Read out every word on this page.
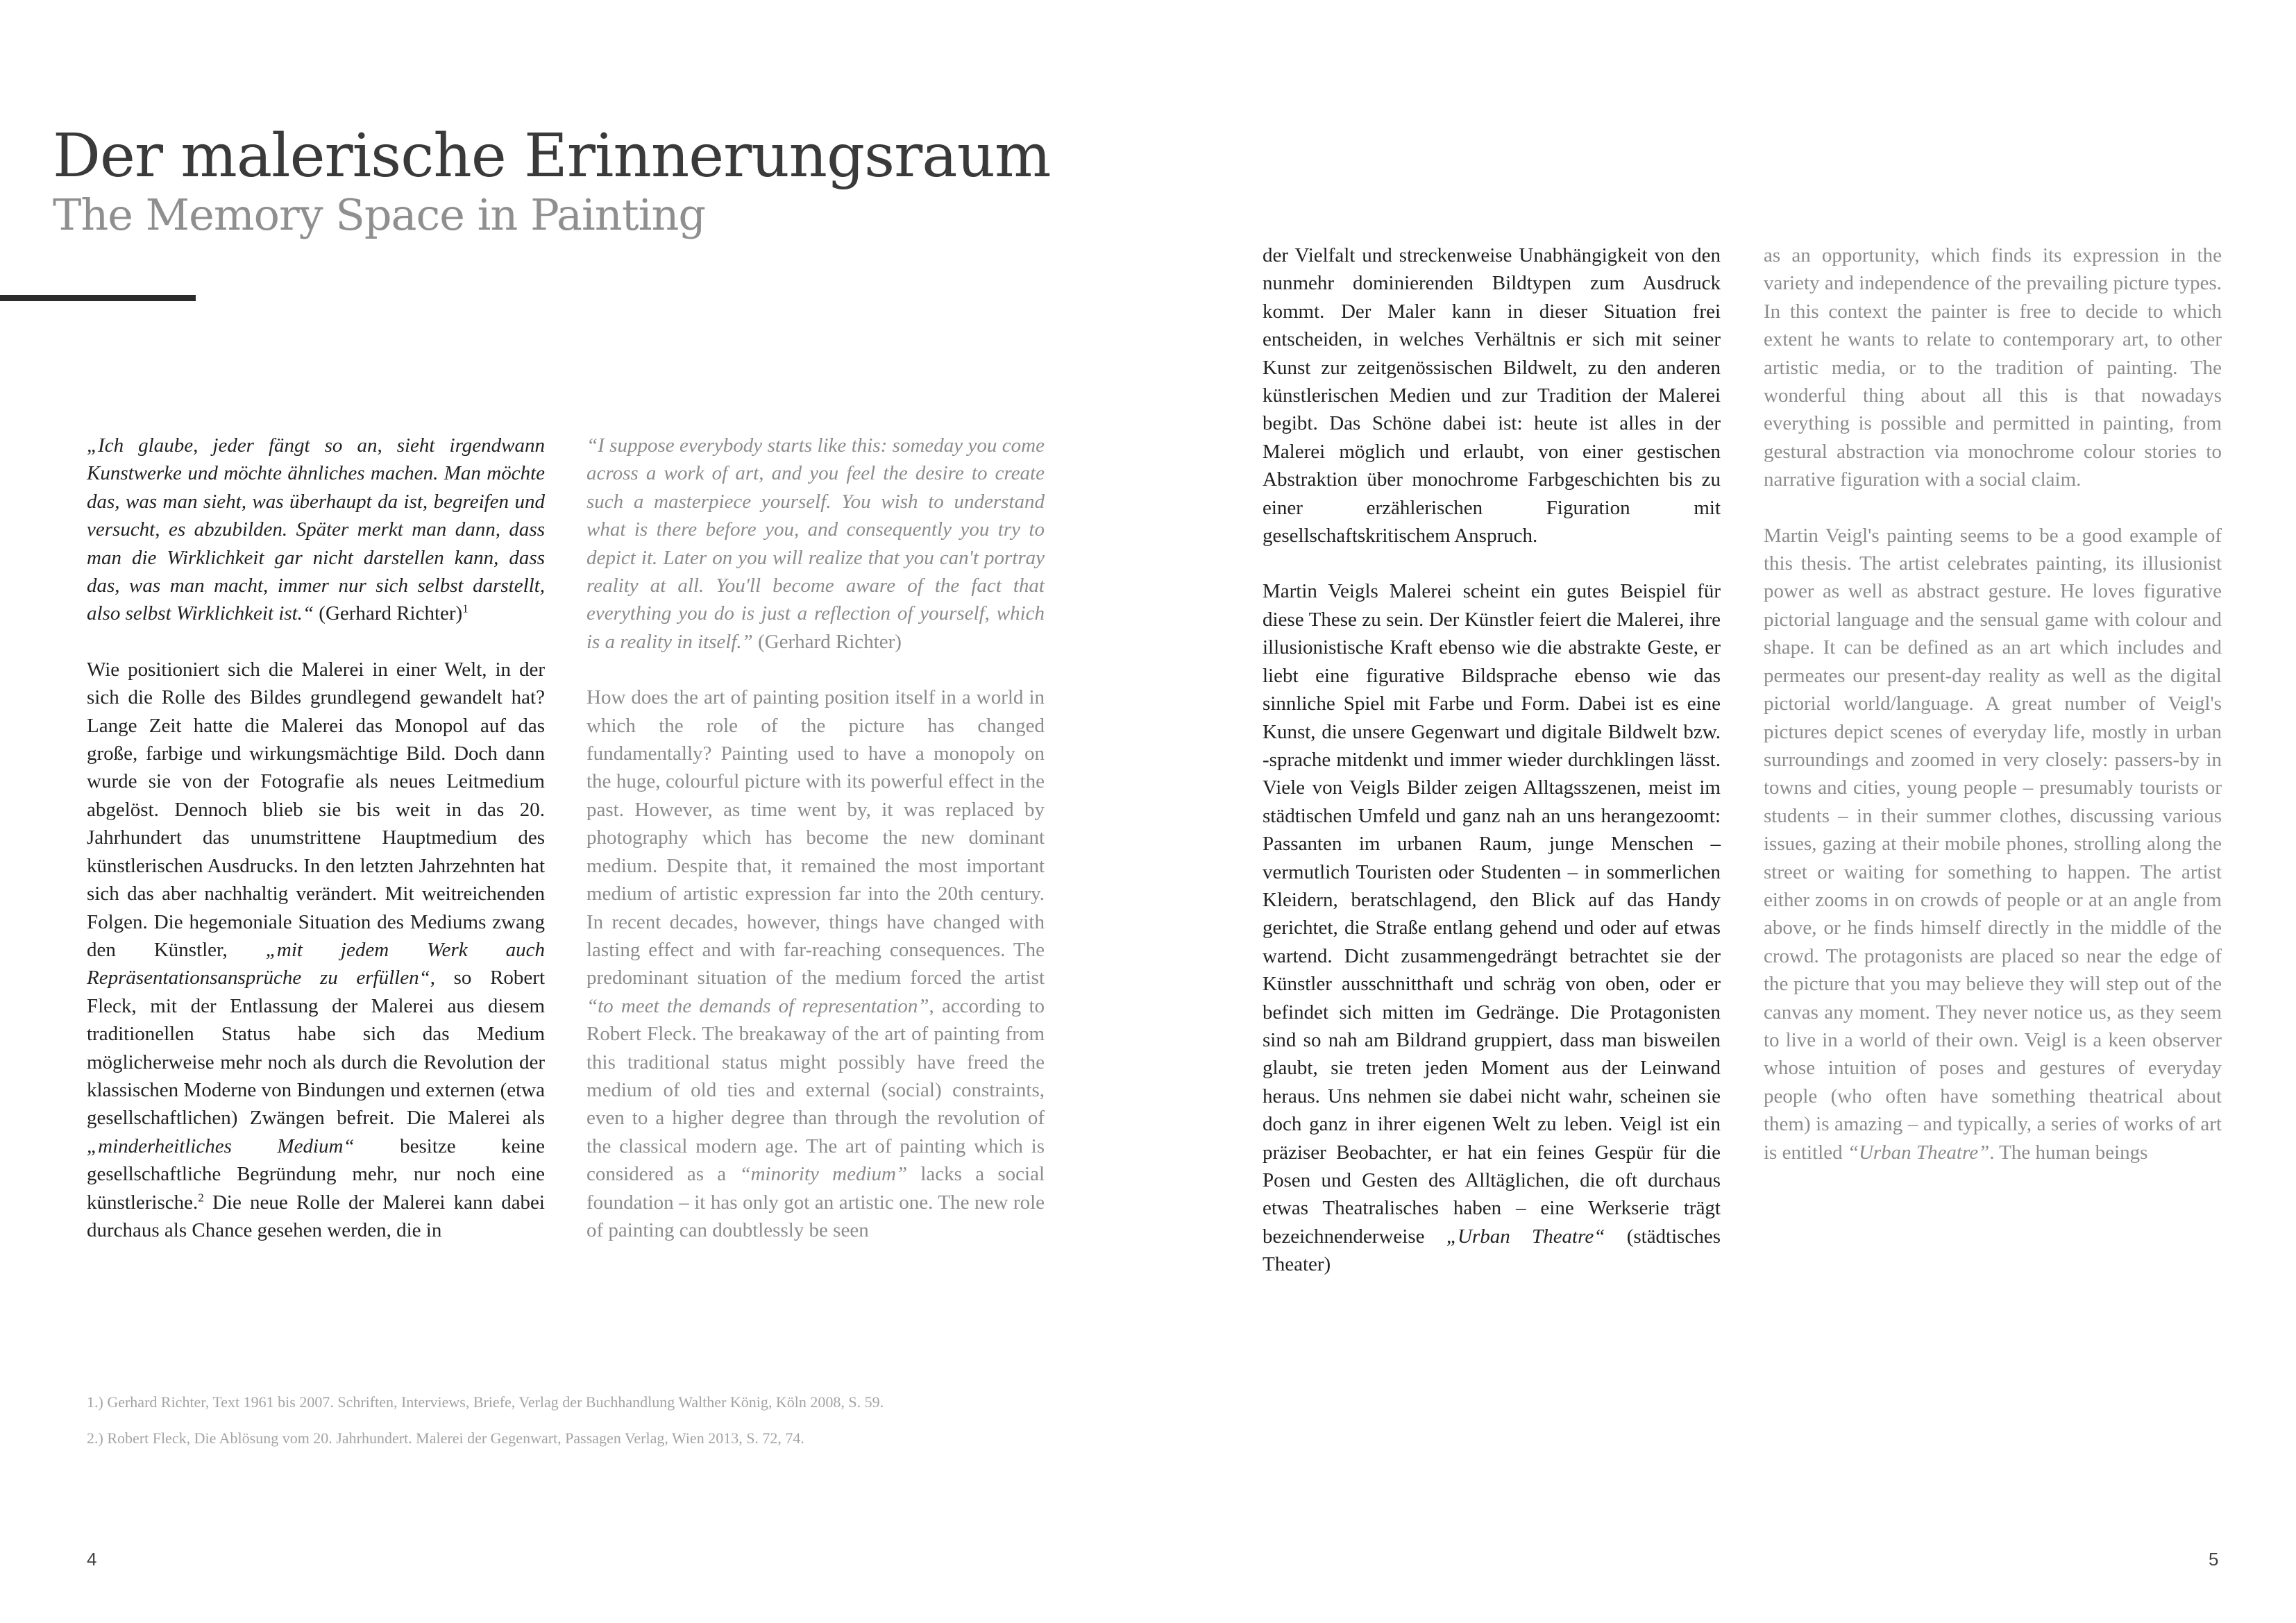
Der malerische Erinnerungsraum
The Memory Space in Painting

„Ich glaube, jeder fängt so an, sieht irgendwann Kunstwerke und möchte ähnliches machen. Man möchte das, was man sieht, was überhaupt da ist, begreifen und versucht, es abzubilden. Später merkt man dann, dass man die Wirklichkeit gar nicht darstellen kann, dass das, was man macht, immer nur sich selbst darstellt, also selbst Wirklichkeit ist.“ (Gerhard Richter)$^1$

Wie positioniert sich die Malerei in einer Welt, in der sich die Rolle des Bildes grundlegend gewandelt hat? Lange Zeit hatte die Malerei das Monopol auf das große, farbige und wirkungsmächtige Bild. Doch dann wurde sie von der Fotografie als neues Leitmedium abgelöst. Dennoch blieb sie bis weit in das 20. Jahrhundert das unumstrittene Hauptmedium des künstlerischen Ausdrucks. In den letzten Jahrzehnten hat sich das aber nachhaltig verändert. Mit weitreichenden Folgen. Die hegemoniale Situation des Mediums zwang den Künstler, „mit jedem Werk auch Repräsentationsansprüche zu erfüllen“, so Robert Fleck, mit der Entlassung der Malerei aus diesem traditionellen Status habe sich das Medium möglicherweise mehr noch als durch die Revolution der klassischen Moderne von Bindungen und externen (etwa gesellschaftlichen) Zwängen befreit. Die Malerei als „minderheitliches Medium“ besitze keine gesellschaftliche Begründung mehr, nur noch eine künstlerische.$^2$ Die neue Rolle der Malerei kann dabei durchaus als Chance gesehen werden, die in

“I suppose everybody starts like this: someday you come across a work of art, and you feel the desire to create such a masterpiece yourself. You wish to understand what is there before you, and consequently you try to depict it. Later on you will realize that you can't portray reality at all. You'll become aware of the fact that everything you do is just a reflection of yourself, which is a reality in itself.” (Gerhard Richter)

How does the art of painting position itself in a world in which the role of the picture has changed fundamentally? Painting used to have a monopoly on the huge, colourful picture with its powerful effect in the past. However, as time went by, it was replaced by photography which has become the new dominant medium. Despite that, it remained the most important medium of artistic expression far into the 20th century. In recent decades, however, things have changed with lasting effect and with far-reaching consequences. The predominant situation of the medium forced the artist “to meet the demands of representation”, according to Robert Fleck. The breakaway of the art of painting from this traditional status might possibly have freed the medium of old ties and external (social) constraints, even to a higher degree than through the revolution of the classical modern age. The art of painting which is considered as a “minority medium” lacks a social foundation – it has only got an artistic one. The new role of painting can doubtlessly be seen

1.) Gerhard Richter, Text 1961 bis 2007. Schriften, Interviews, Briefe, Verlag der Buchhandlung Walther König, Köln 2008, S. 59.

2.) Robert Fleck, Die Ablösung vom 20. Jahrhundert. Malerei der Gegenwart, Passagen Verlag, Wien 2013, S. 72, 74.

4

der Vielfalt und streckenweise Unabhängigkeit von den nunmehr dominierenden Bildtypen zum Ausdruck kommt. Der Maler kann in dieser Situation frei entscheiden, in welches Verhältnis er sich mit seiner Kunst zur zeitgenössischen Bildwelt, zu den anderen künstlerischen Medien und zur Tradition der Malerei begibt. Das Schöne dabei ist: heute ist alles in der Malerei möglich und erlaubt, von einer gestischen Abstraktion über monochrome Farbgeschichten bis zu einer erzählerischen Figuration mit gesellschaftskritischem Anspruch.

Martin Veigls Malerei scheint ein gutes Beispiel für diese These zu sein. Der Künstler feiert die Malerei, ihre illusionistische Kraft ebenso wie die abstrakte Geste, er liebt eine figurative Bildsprache ebenso wie das sinnliche Spiel mit Farbe und Form. Dabei ist es eine Kunst, die unsere Gegenwart und digitale Bildwelt bzw. -sprache mitdenkt und immer wieder durchklingen lässt. Viele von Veigls Bilder zeigen Alltagsszenen, meist im städtischen Umfeld und ganz nah an uns herangezoomt: Passanten im urbanen Raum, junge Menschen – vermutlich Touristen oder Studenten – in sommerlichen Kleidern, beratschlagend, den Blick auf das Handy gerichtet, die Straße entlang gehend und oder auf etwas wartend. Dicht zusammengedrängt betrachtet sie der Künstler ausschnitthaft und schräg von oben, oder er befindet sich mitten im Gedränge. Die Protagonisten sind so nah am Bildrand gruppiert, dass man bisweilen glaubt, sie treten jeden Moment aus der Leinwand heraus. Uns nehmen sie dabei nicht wahr, scheinen sie doch ganz in ihrer eigenen Welt zu leben. Veigl ist ein präziser Beobachter, er hat ein feines Gespür für die Posen und Gesten des Alltäglichen, die oft durchaus etwas Theatralisches haben – eine Werkserie trägt bezeichnenderweise „Urban Theatre“ (städtisches Theater)

as an opportunity, which finds its expression in the variety and independence of the prevailing picture types. In this context the painter is free to decide to which extent he wants to relate to contemporary art, to other artistic media, or to the tradition of painting. The wonderful thing about all this is that nowadays everything is possible and permitted in painting, from gestural abstraction via monochrome colour stories to narrative figuration with a social claim.

Martin Veigl's painting seems to be a good example of this thesis. The artist celebrates painting, its illusionist power as well as abstract gesture. He loves figurative pictorial language and the sensual game with colour and shape. It can be defined as an art which includes and permeates our present-day reality as well as the digital pictorial world/language. A great number of Veigl's pictures depict scenes of everyday life, mostly in urban surroundings and zoomed in very closely: passers-by in towns and cities, young people – presumably tourists or students – in their summer clothes, discussing various issues, gazing at their mobile phones, strolling along the street or waiting for something to happen. The artist either zooms in on crowds of people or at an angle from above, or he finds himself directly in the middle of the crowd. The protagonists are placed so near the edge of the picture that you may believe they will step out of the canvas any moment. They never notice us, as they seem to live in a world of their own. Veigl is a keen observer whose intuition of poses and gestures of everyday people (who often have something theatrical about them) is amazing – and typically, a series of works of art is entitled “Urban Theatre”. The human beings

5
